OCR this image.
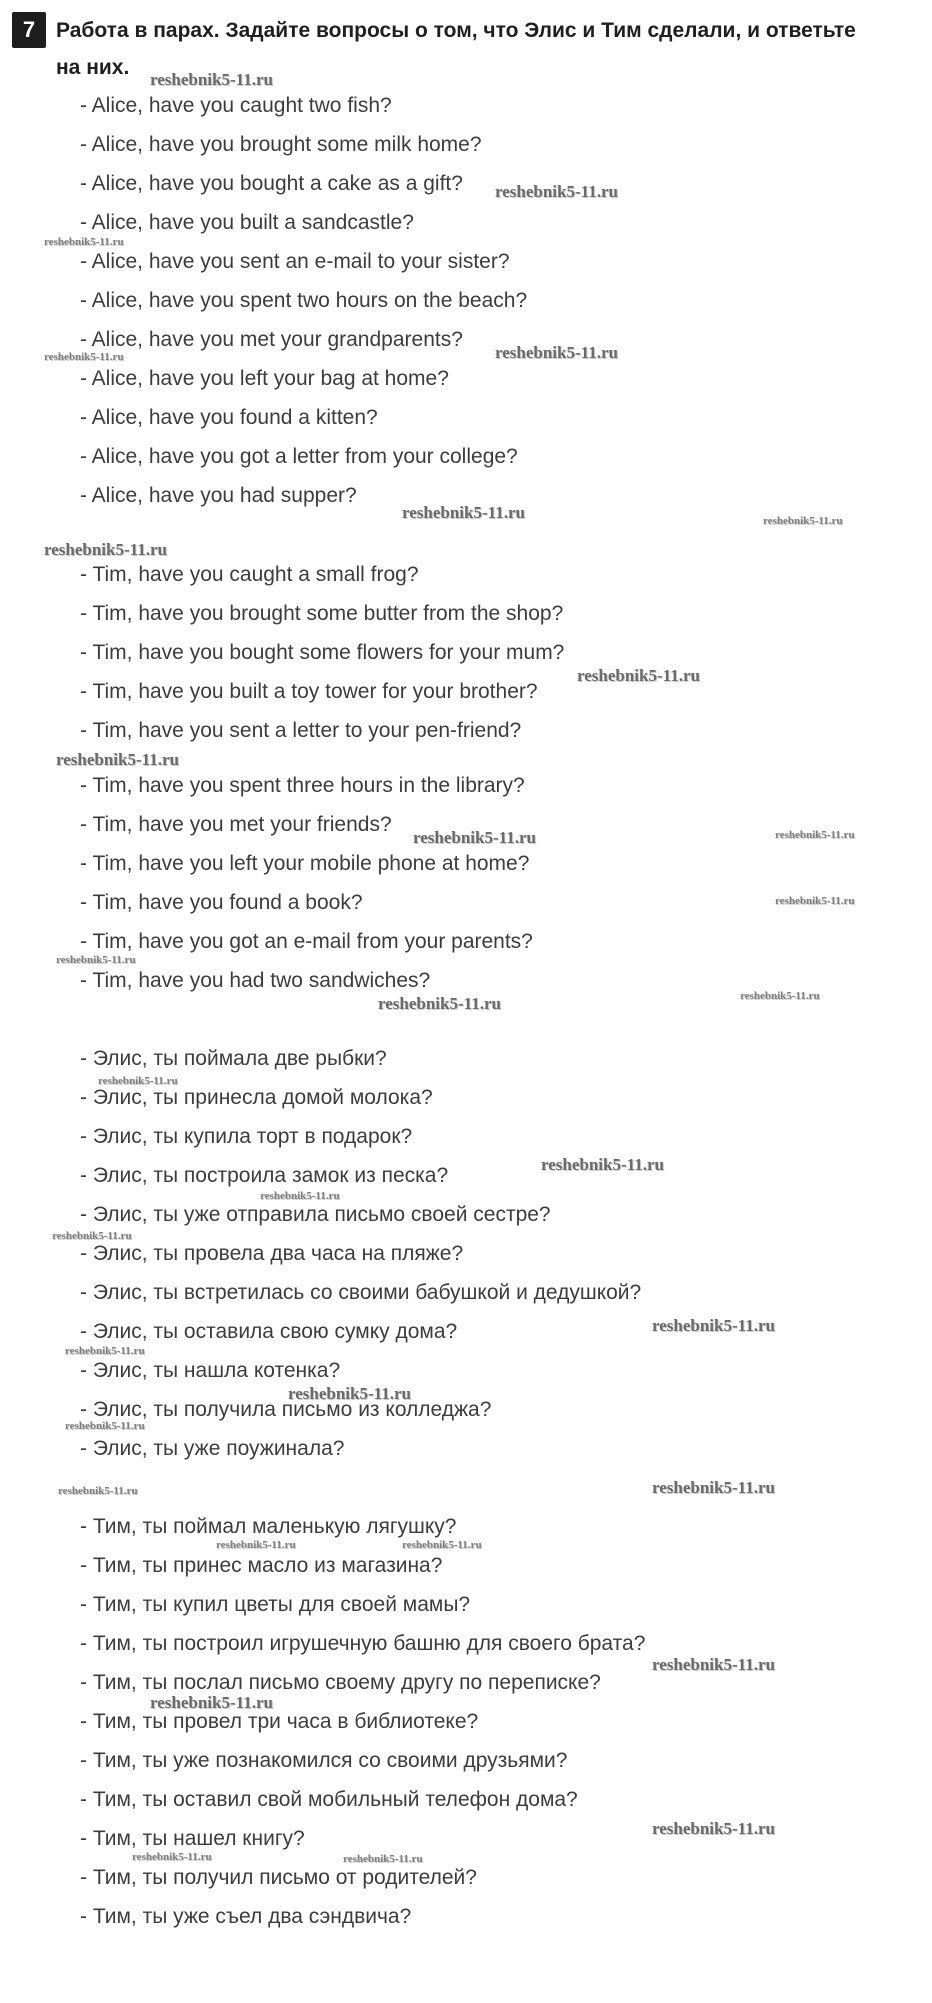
7 Работа в парах. Задайте вопросы о том, что Элис и Тим сделали, и ответьте
на них.
- Alice, have you caught two fish?
- Alice, have you brought some milk home?
- Alice, have you bought a cake as a gift?
- Alice, have you built a sandcastle?
- Alice, have you sent an e-mail to your sister?
- Alice, have you spent two hours on the beach?
- Alice, have you met your grandparents?
- Alice, have you left your bag at home?
- Alice, have you found a kitten?
- Alice, have you got a letter from your college?
- Alice, have you had supper?
- Tim, have you caught a small frog?
- Tim, have you brought some butter from the shop?
- Tim, have you bought some flowers for your mum?
- Tim, have you built a toy tower for your brother?
- Tim, have you sent a letter to your pen-friend?
- Tim, have you spent three hours in the library?
- Tim, have you met your friends?
- Tim, have you left your mobile phone at home?
- Tim, have you found a book?
- Tim, have you got an e-mail from your parents?
- Tim, have you had two sandwiches?
- Элис, ты поймала две рыбки?
- Элис, ты принесла домой молока?
- Элис, ты купила торт в подарок?
- Элис, ты построила замок из песка?
- Элис, ты уже отправила письмо своей сестре?
- Элис, ты провела два часа на пляже?
- Элис, ты встретилась со своими бабушкой и дедушкой?
- Элис, ты оставила свою сумку дома?
- Элис, ты нашла котенка?
- Элис, ты получила письмо из колледжа?
- Элис, ты уже поужинала?
- Тим, ты поймал маленькую лягушку?
- Тим, ты принес масло из магазина?
- Тим, ты купил цветы для своей мамы?
- Тим, ты построил игрушечную башню для своего брата?
- Тим, ты послал письмо своему другу по переписке?
- Тим, ты провел три часа в библиотеке?
- Тим, ты уже познакомился со своими друзьями?
- Тим, ты оставил свой мобильный телефон дома?
- Тим, ты нашел книгу?
- Тим, ты получил письмо от родителей?
- Тим, ты уже съел два сэндвича?
reshebnik5-11.ru
reshebnik5-11.ru
reshebnik5-11.ru
reshebnik5-11.ru	reshebnik5-11.ru
reshebnik5-11.ru	reshebnik5-11.ru
reshebnik5-11.ru
reshebnik5-11.ru
reshebnik5-11.ru
reshebnik5-11.ru	reshebnik5-11.ru
reshebnik5-11.ru
reshebnik5-11.ru
reshebnik5-11.ru	reshebnik5-11.ru
reshebnik5-11.ru
reshebnik5-11.ru
reshebnik5-11.ru
reshebnik5-11.ru
reshebnik5-11.ru
reshebnik5-11.ru
reshebnik5-11.ru
reshebnik5-11.ru
reshebnik5-11.ru	reshebnik5-11.ru
reshebnik5-11.ru	reshebnik5-11.ru
reshebnik5-11.ru
reshebnik5-11.ru
reshebnik5-11.ru
reshebnik5-11.ru	reshebnik5-11.ru
